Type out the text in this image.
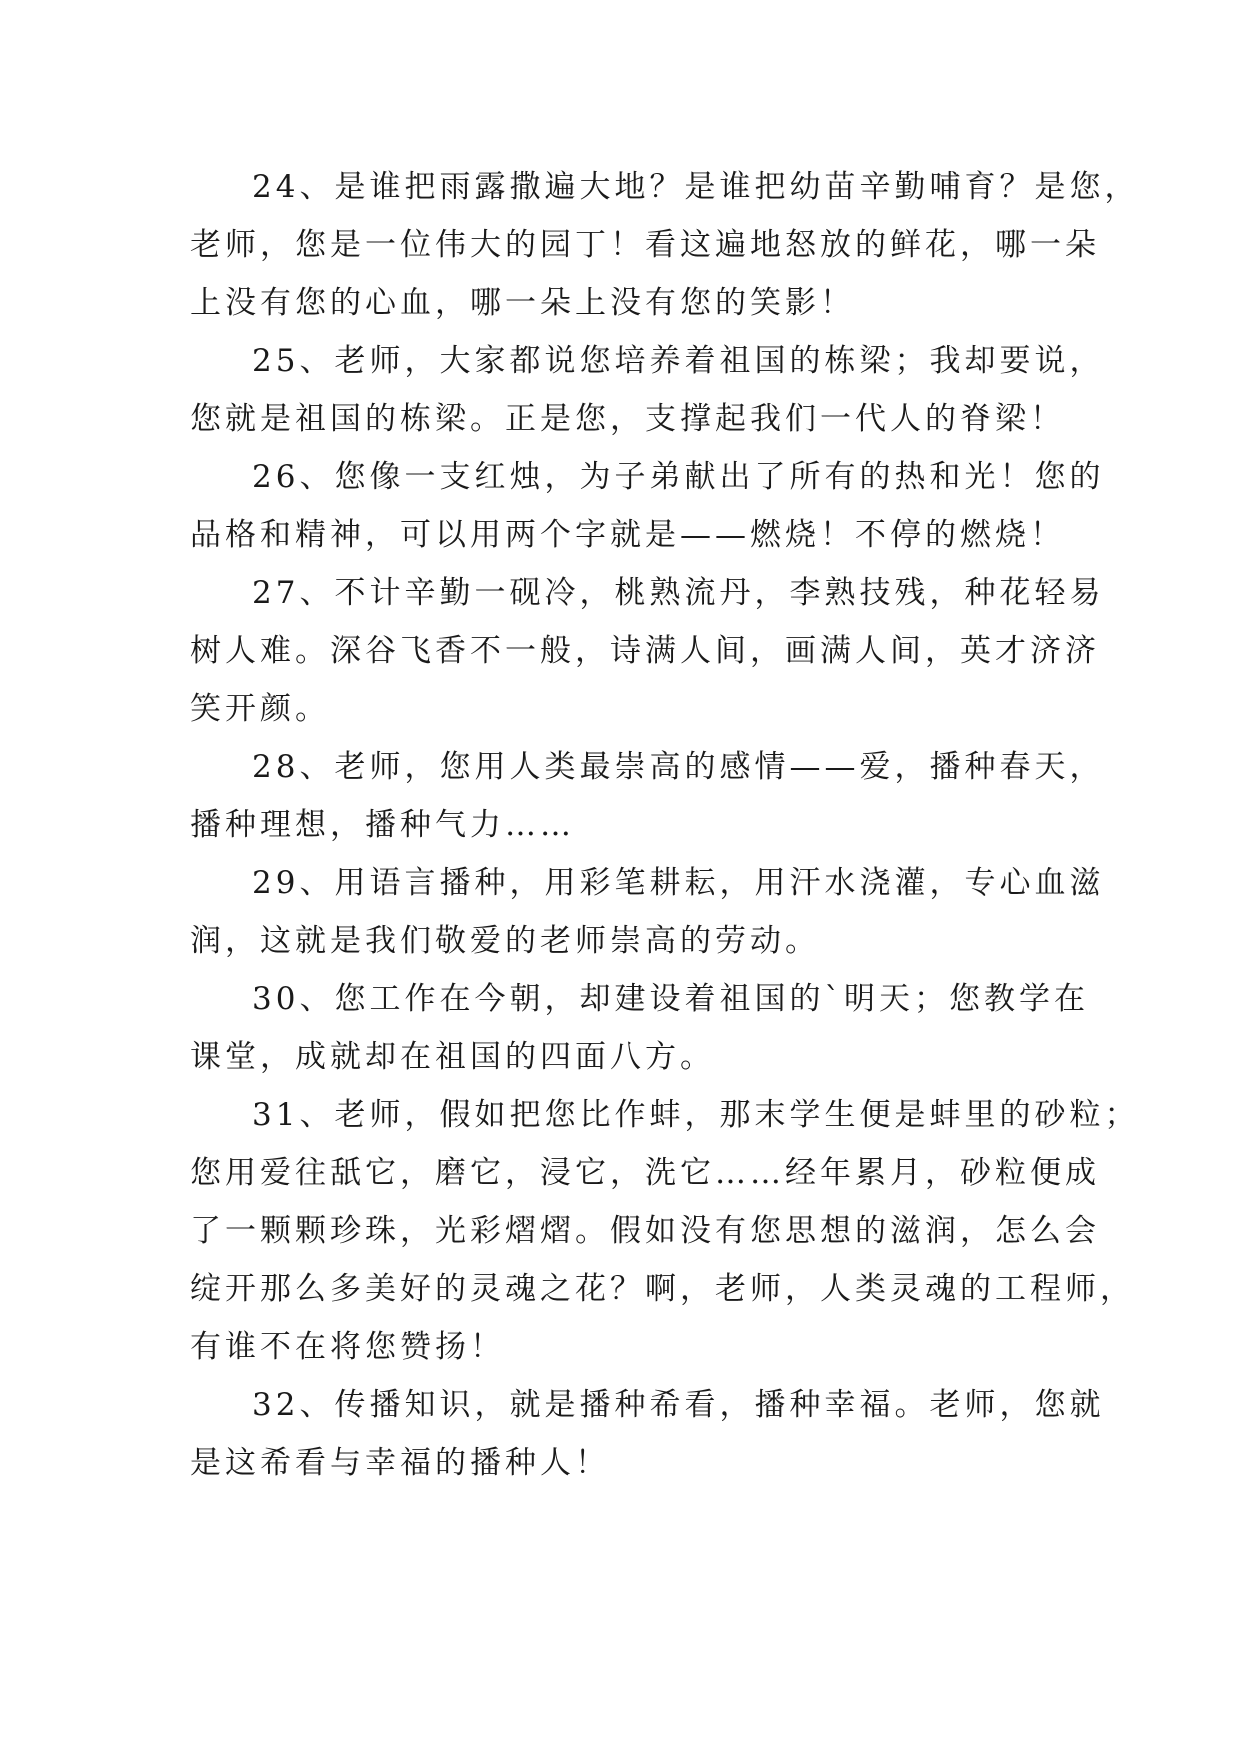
24、是谁把雨露撒遍大地？是谁把幼苗辛勤哺育？是您，
老师，您是一位伟大的园丁！看这遍地怒放的鲜花，哪一朵
上没有您的心血，哪一朵上没有您的笑影！
25、老师，大家都说您培养着祖国的栋梁；我却要说，
您就是祖国的栋梁。正是您，支撑起我们一代人的脊梁！
26、您像一支红烛，为子弟献出了所有的热和光！您的
品格和精神，可以用两个字就是——燃烧！不停的燃烧！
27、不计辛勤一砚冷，桃熟流丹，李熟技残，种花轻易
树人难。深谷飞香不一般，诗满人间，画满人间，英才济济
笑开颜。
28、老师，您用人类最崇高的感情——爱，播种春天，
播种理想，播种气力……
29、用语言播种，用彩笔耕耘，用汗水浇灌，专心血滋
润，这就是我们敬爱的老师崇高的劳动。
30、您工作在今朝，却建设着祖国的`明天；您教学在
课堂，成就却在祖国的四面八方。
31、老师，假如把您比作蚌，那末学生便是蚌里的砂粒；
您用爱往舐它，磨它，浸它，洗它……经年累月，砂粒便成
了一颗颗珍珠，光彩熠熠。假如没有您思想的滋润，怎么会
绽开那么多美好的灵魂之花？啊，老师，人类灵魂的工程师，
有谁不在将您赞扬！
32、传播知识，就是播种希看，播种幸福。老师，您就
是这希看与幸福的播种人！
